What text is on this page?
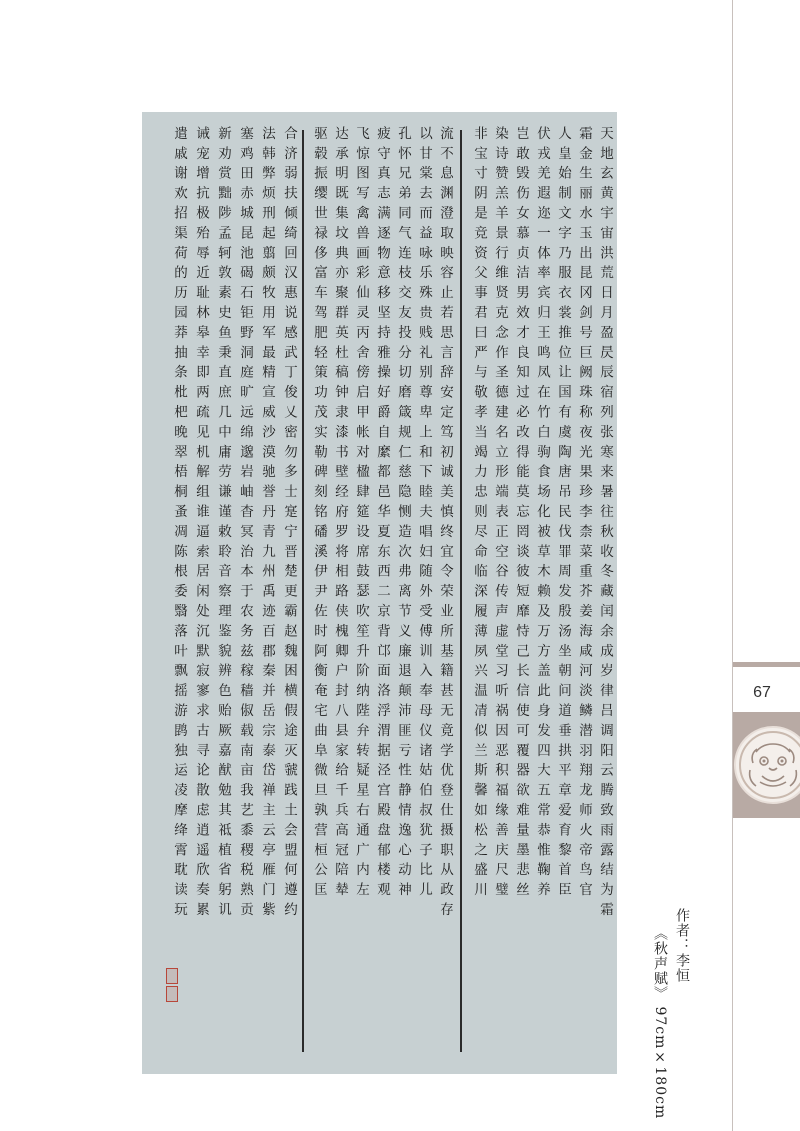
67
天地玄黄宇宙洪荒日月盈昃辰宿列张寒来暑往秋收冬藏闰余成岁律吕调阳云腾致雨露结为霜
霜金生丽水玉出昆冈剑号巨阙珠称夜光果珍李柰菜重芥姜海咸河淡鳞潜羽翔龙师火帝鸟官
人皇始制文字乃服衣裳推位让国有虞陶唐吊民伐罪周发殷汤坐朝问道垂拱平章爱育黎首臣
伏戎羌遐迩一体率宾归王鸣凤在竹白驹食场化被草木赖及万方盖此身发四大五常恭惟鞠养
岂敢毁伤女慕贞洁男效才良知过必改得能莫忘罔谈彼短靡恃己长信使可覆器欲难量墨悲丝
染诗赞羔羊景行维贤克念作圣德建名立形端表正空谷传声虚堂习听祸因恶积福缘善庆尺璧
非宝寸阴是竞资父事君曰严与敬孝当竭力忠则尽命临深履薄夙兴温凊似兰斯馨如松之盛川
流不息渊澄取映容止若思言辞安定笃初诚美慎终宜令荣业所基籍甚无竟学优登仕摄职从政存
以甘棠去而益咏乐殊贵贱礼别尊卑上和下睦夫唱妇随外受傅训入奉母仪诸姑伯叔犹子比儿
孔怀兄弟同气连枝交友投分切磨箴规仁慈隐恻造次弗离节义廉退颠沛匪亏性静情逸心动神
疲守真志满逐物意移坚持雅操好爵自縻都邑华夏东西二京背邙面洛浮渭据泾宫殿盘郁楼观
飞惊图写禽兽画彩仙灵丙舍傍启甲帐对楹肆筵设席鼓瑟吹笙升阶纳陛弁转疑星右通广内左
达承明既集坟典亦聚群英杜稿钟隶漆书壁经府罗将相路侠槐卿户封八县家给千兵高冠陪辇
驱毂振缨世禄侈富车驾肥轻策功茂实勒碑刻铭磻溪伊尹佐时阿衡奄宅曲阜微旦孰营桓公匡
合济弱扶倾绮回汉惠说感武丁俊乂密勿多士寔宁晋楚更霸赵魏困横假途灭虢践土会盟何遵约
法韩弊烦刑起翦颇牧用军最精宣威沙漠驰誉丹青九州禹迹百郡秦并岳宗泰岱禅主云亭雁门紫
塞鸡田赤城昆池碣石钜野洞庭旷远绵邈岩岫杳冥治本于农务兹稼穑俶载南亩我艺黍稷税熟贡
新劝赏黜陟孟轲敦素史鱼秉直庶几中庸劳谦谨敕聆音察理鉴貌辨色贻厥嘉猷勉其祗植省躬讥
诫宠增抗极殆辱近耻林皋幸即两疏见机解组谁逼索居闲处沉默寂寥求古寻论散虑逍遥欣奏累
遣戚谢欢招渠荷的历园莽抽条枇杷晚翠梧桐蚤凋陈根委翳落叶飘摇游鹍独运凌摩绛霄耽读玩
作者：李恒
《秋声赋》 97cm×180cm
